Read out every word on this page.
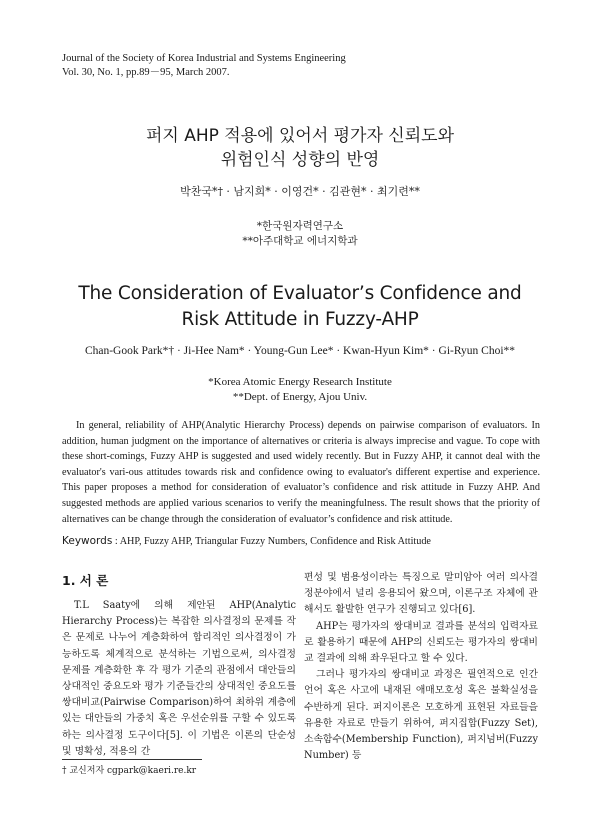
Journal of the Society of Korea Industrial and Systems Engineering
Vol. 30, No. 1, pp.89－95, March 2007.
퍼지 AHP 적용에 있어서 평가자 신뢰도와
위험인식 성향의 반영
박찬국*† · 남지희* · 이영건* · 김관현* · 최기련**
*한국원자력연구소
**아주대학교 에너지학과
The Consideration of Evaluator’s Confidence and
Risk Attitude in Fuzzy-AHP
Chan-Gook Park*† · Ji-Hee Nam* · Young-Gun Lee* · Kwan-Hyun Kim* · Gi-Ryun Choi**
*Korea Atomic Energy Research Institute
**Dept. of Energy, Ajou Univ.

In general, reliability of AHP(Analytic Hierarchy Process) depends on pairwise comparison of evaluators. In addition, human judgment on the importance of alternatives or criteria is always imprecise and vague. To cope with these short-comings, Fuzzy AHP is suggested and used widely recently. But in Fuzzy AHP, it cannot deal with the evaluator's vari-ous attitudes towards risk and confidence owing to evaluator's different expertise and experience. This paper proposes a method for consideration of evaluator’s confidence and risk attitude in Fuzzy AHP. And suggested methods are applied various scenarios to verify the meaningfulness. The result shows that the priority of alternatives can be change through the consideration of evaluator’s confidence and risk attitude.

Keywords : AHP, Fuzzy AHP, Triangular Fuzzy Numbers, Confidence and Risk Attitude
1. 서 론

T.L Saaty에 의해 제안된 AHP(Analytic Hierarchy Process)는 복잡한 의사결정의 문제를 작은 문제로 나누어 계층화하여 합리적인 의사결정이 가능하도록 체계적으로 분석하는 기법으로써, 의사결정 문제를 계층화한 후 각 평가 기준의 관점에서 대안들의 상대적인 중요도와 평가 기준들간의 상대적인 중요도를 쌍대비교(Pairwise Comparison)하여 최하위 계층에 있는 대안들의 가중치 혹은 우선순위를 구할 수 있도록 하는 의사결정 도구이다[5]. 이 기법은 이론의 단순성 및 명확성, 적용의 간

편성 및 범용성이라는 특징으로 말미암아 여러 의사결정분야에서 널리 응용되어 왔으며, 이론구조 자체에 관해서도 활발한 연구가 진행되고 있다[6].

AHP는 평가자의 쌍대비교 결과를 분석의 입력자료로 활용하기 때문에 AHP의 신뢰도는 평가자의 쌍대비교 결과에 의해 좌우된다고 할 수 있다.

그러나 평가자의 쌍대비교 과정은 필연적으로 인간 언어 혹은 사고에 내재된 애매모호성 혹은 불확실성을 수반하게 된다. 퍼지이론은 모호하게 표현된 자료들을 유용한 자료로 만들기 위하여, 퍼지집합(Fuzzy Set), 소속함수(Membership Function), 퍼지넘버(Fuzzy Number) 등

† 교신저자 cgpark@kaeri.re.kr
